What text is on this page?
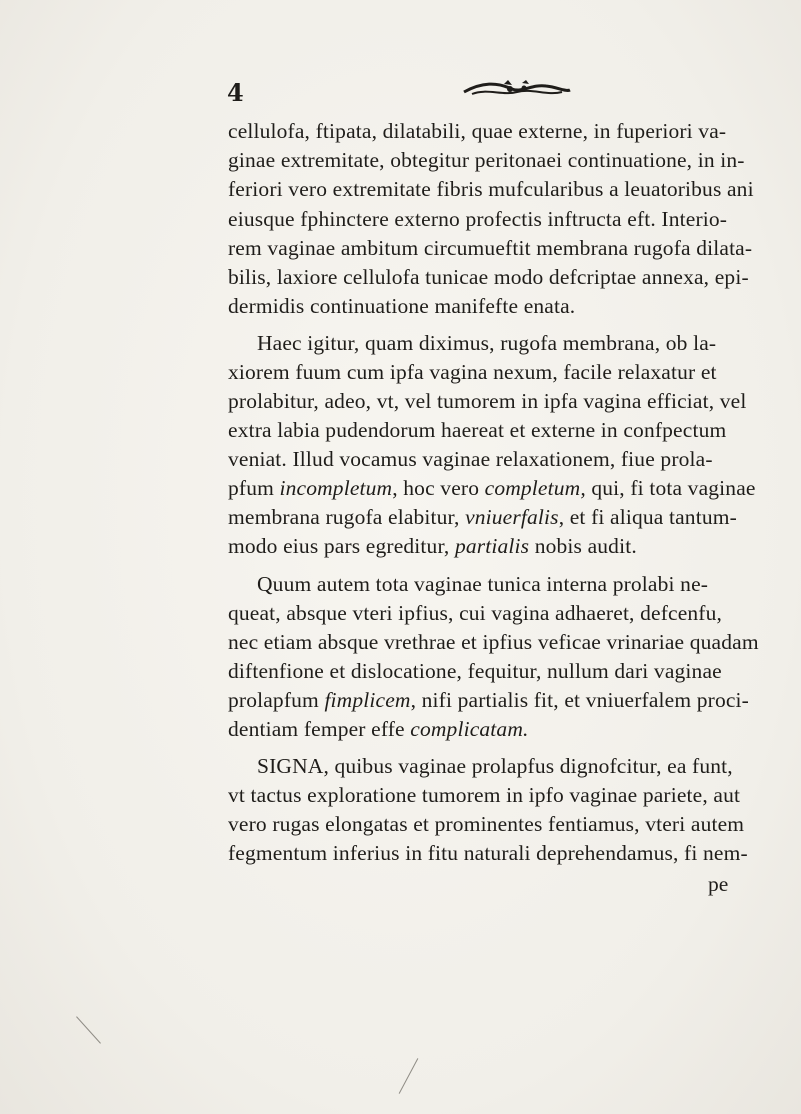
4
cellulofa, ftipata, dilatabili, quae externe, in fuperiori va-
ginae extremitate, obtegitur peritonaei continuatione, in in-
feriori vero extremitate fibris mufcularibus a leuatoribus ani
eiusque fphinctere externo profectis inftructa eft. Interio-
rem vaginae ambitum circumueftit membrana rugofa dilata-
bilis, laxiore cellulofa tunicae modo defcriptae annexa, epi-
dermidis continuatione manifefte enata.
Haec igitur, quam diximus, rugofa membrana, ob la-
xiorem fuum cum ipfa vagina nexum, facile relaxatur et
prolabitur, adeo, vt, vel tumorem in ipfa vagina efficiat, vel
extra labia pudendorum haereat et externe in confpectum
veniat. Illud vocamus vaginae relaxationem, fiue prola-
pfum incompletum, hoc vero completum, qui, fi tota vaginae
membrana rugofa elabitur, vniuerfalis, et fi aliqua tantum-
modo eius pars egreditur, partialis nobis audit.
Quum autem tota vaginae tunica interna prolabi ne-
queat, absque vteri ipfius, cui vagina adhaeret, defcenfu,
nec etiam absque vrethrae et ipfius veficae vrinariae quadam
diftenfione et dislocatione, fequitur, nullum dari vaginae
prolapfum fimplicem, nifi partialis fit, et vniuerfalem proci-
dentiam femper effe complicatam.
SIGNA, quibus vaginae prolapfus dignofcitur, ea funt,
vt tactus exploratione tumorem in ipfo vaginae pariete, aut
vero rugas elongatas et prominentes fentiamus, vteri autem
fegmentum inferius in fitu naturali deprehendamus, fi nem-
pe
